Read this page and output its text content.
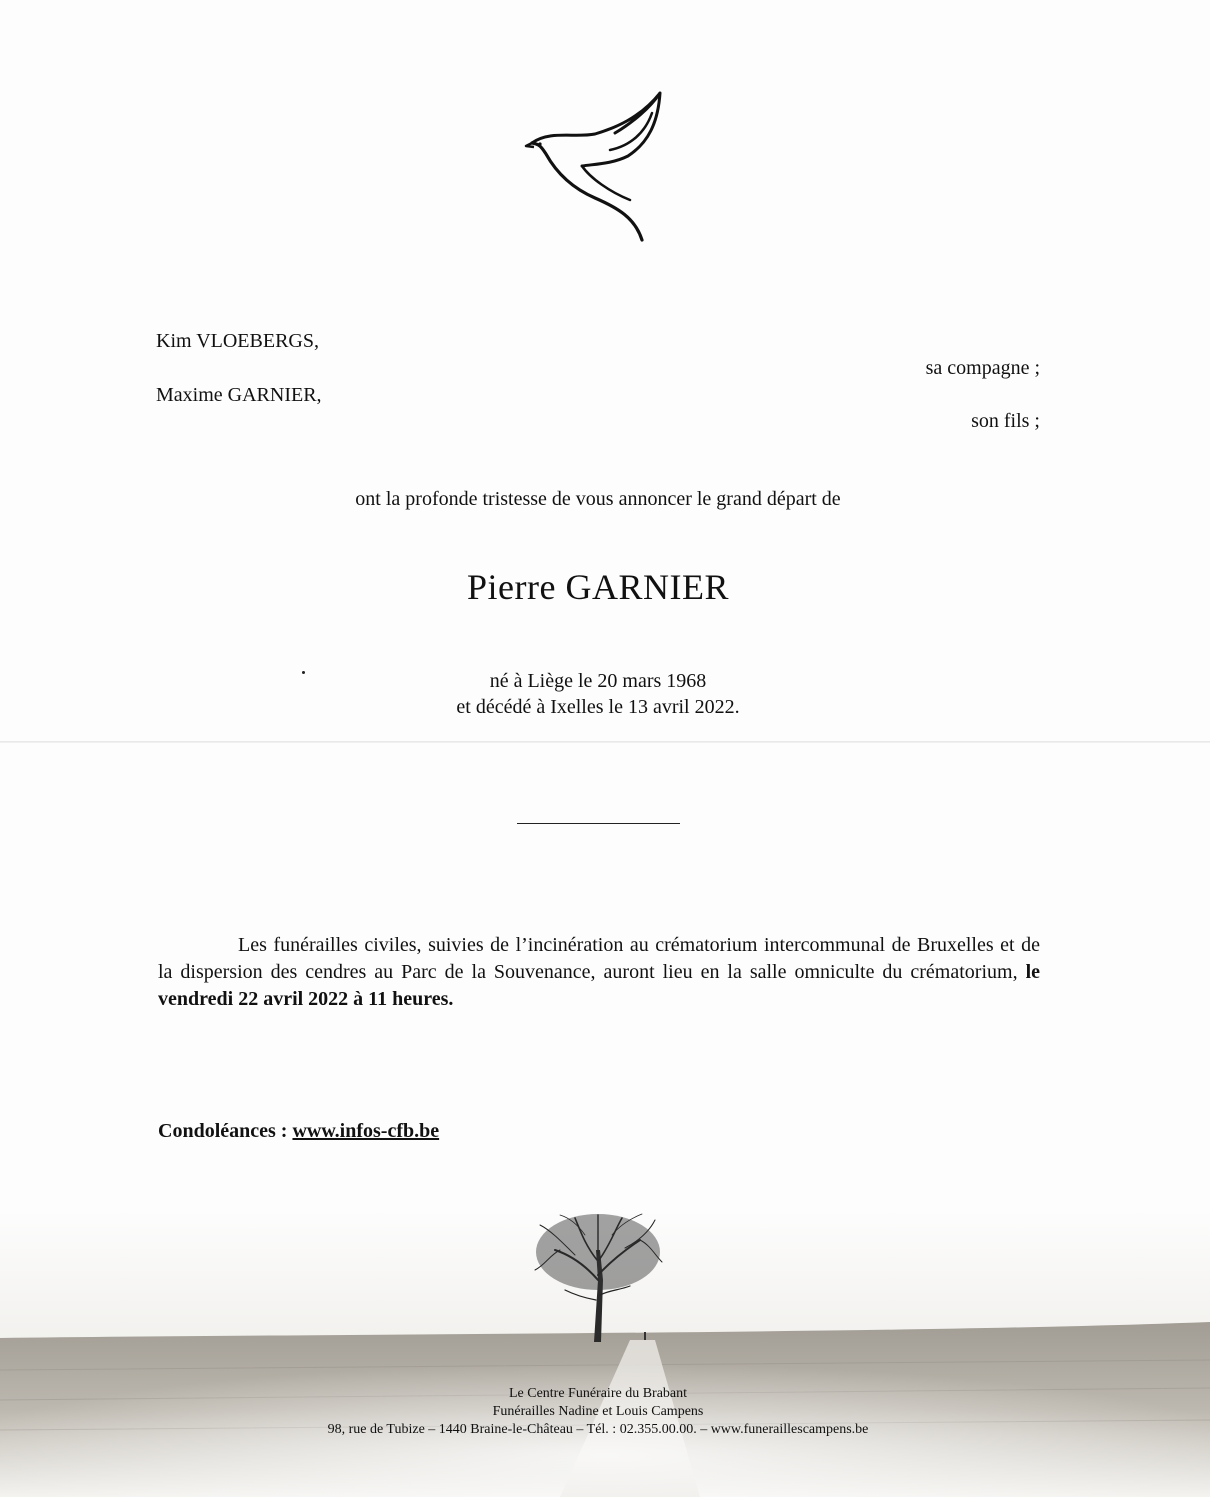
Kim VLOEBERGS,
sa compagne ;
Maxime GARNIER,
son fils ;
ont la profonde tristesse de vous annoncer le grand départ de
Pierre GARNIER
né à Liège le 20 mars 1968
et décédé à Ixelles le 13 avril 2022.
Les funérailles civiles, suivies de l’incinération au crématorium intercommunal de Bruxelles et de la dispersion des cendres au Parc de la Souvenance, auront lieu en la salle omniculte du crématorium, le vendredi 22 avril 2022 à 11 heures.
Condoléances : www.infos-cfb.be
Le Centre Funéraire du Brabant
Funérailles Nadine et Louis Campens
98, rue de Tubize – 1440 Braine-le-Château – Tél. : 02.355.00.00. – www.funeraillescampens.be
